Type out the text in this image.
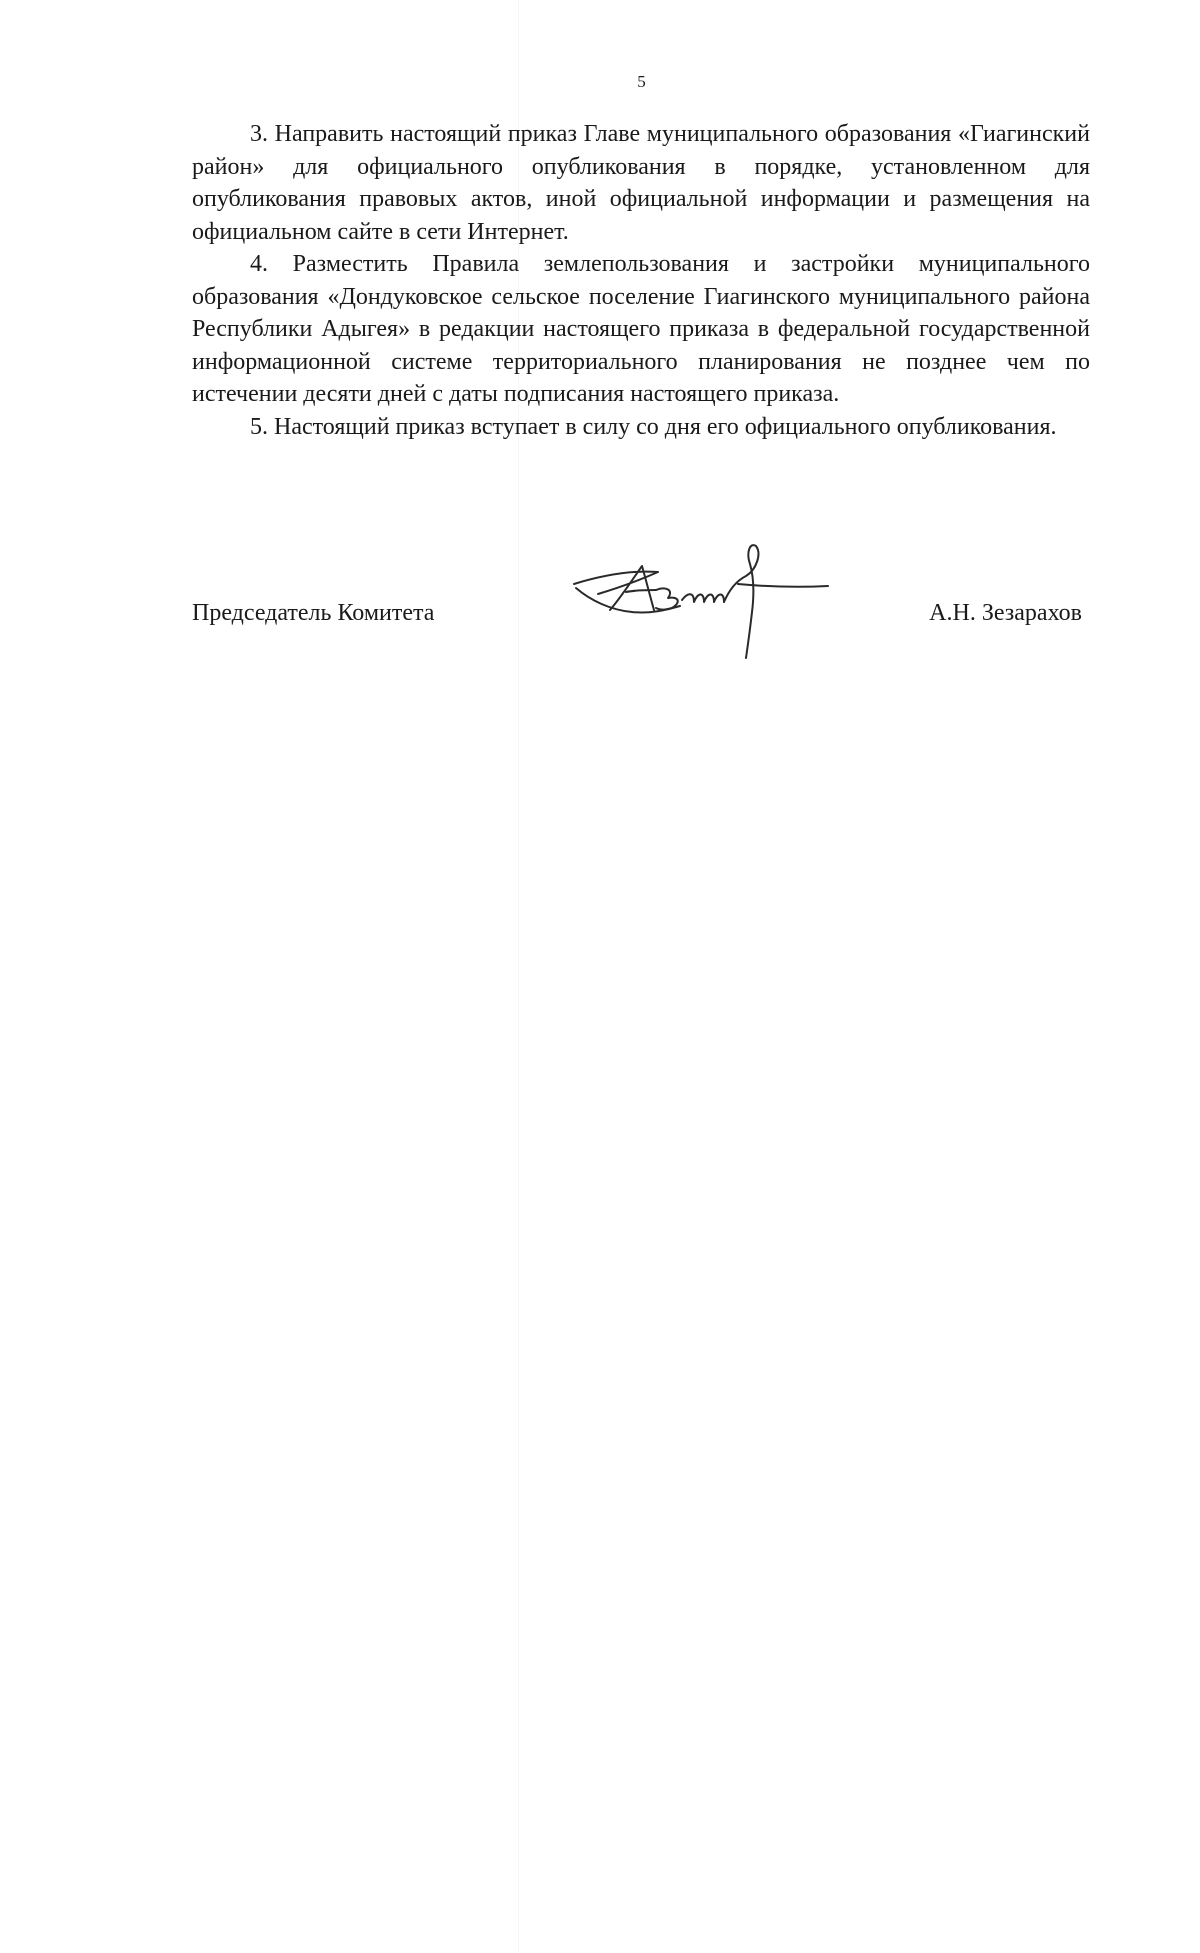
5

3. Направить настоящий приказ Главе муниципального образования «Гиагинский район» для официального опубликования в порядке, установленном для опубликования правовых актов, иной официальной информации и размещения на официальном сайте в сети Интернет.

4. Разместить Правила землепользования и застройки муниципального образования «Дондуковское сельское поселение Гиагинского муниципального района Республики Адыгея» в редакции настоящего приказа в федеральной государственной информационной системе территориального планирования не позднее чем по истечении десяти дней с даты подписания настоящего приказа.

5. Настоящий приказ вступает в силу со дня его официального опубликования.

Председатель Комитета	А.Н. Зезарахов
